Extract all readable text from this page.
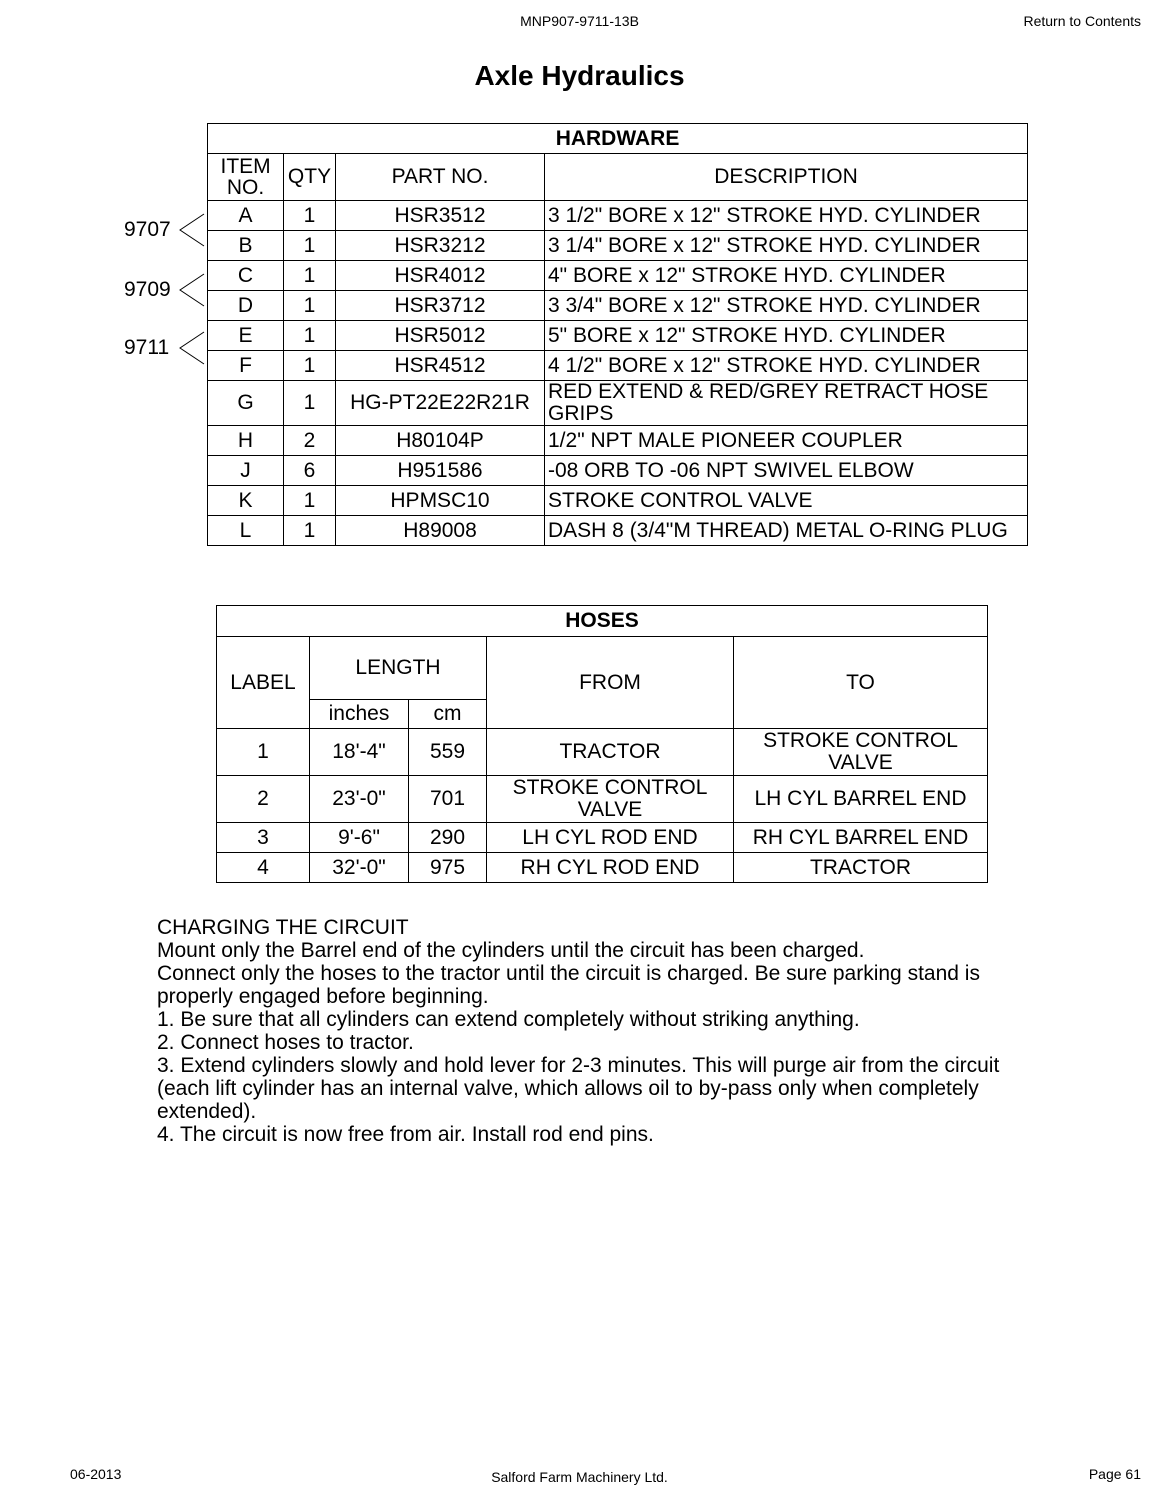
MNP907-9711-13B	Return to Contents
Axle Hydraulics
9707
9709
9711
HARDWARE			

ITEM NO.	QTY	PART NO.	DESCRIPTION
A	1	HSR3512	3 1/2" BORE x 12" STROKE HYD. CYLINDER
B	1	HSR3212	3 1/4" BORE x 12" STROKE HYD. CYLINDER
C	1	HSR4012	4" BORE x 12" STROKE HYD. CYLINDER
D	1	HSR3712	3 3/4" BORE x 12" STROKE HYD. CYLINDER
E	1	HSR5012	5" BORE x 12" STROKE HYD. CYLINDER
F	1	HSR4512	4 1/2" BORE x 12" STROKE HYD. CYLINDER
G	1	HG-PT22E22R21R	RED EXTEND & RED/GREY RETRACT HOSE GRIPS
H	2	H80104P	1/2" NPT MALE PIONEER COUPLER
J	6	H951586	-08 ORB TO -06 NPT SWIVEL ELBOW
K	1	HPMSC10	STROKE CONTROL VALVE
L	1	H89008	DASH 8 (3/4"M THREAD) METAL O-RING PLUG
HOSES				
LABEL	LENGTH		FROM	TO
	inches	cm		
1	18'-4"	559	TRACTOR	STROKE CONTROL VALVE
2	23'-0"	701	STROKE CONTROL VALVE	LH CYL BARREL END
3	9'-6"	290	LH CYL ROD END	RH CYL BARREL END
4	32'-0"	975	RH CYL ROD END	TRACTOR

CHARGING THE CIRCUIT

Mount only the Barrel end of the cylinders until the circuit has been charged.

Connect only the hoses to the tractor until the circuit is charged. Be sure parking stand is properly engaged before beginning.

1. Be sure that all cylinders can extend completely without striking anything.

2. Connect hoses to tractor.

3. Extend cylinders slowly and hold lever for 2-3 minutes. This will purge air from the circuit (each lift cylinder has an internal valve, which allows oil to by-pass only when completely extended).

4. The circuit is now free from air. Install rod end pins.

06-2013	Salford Farm Machinery Ltd.	Page 61
